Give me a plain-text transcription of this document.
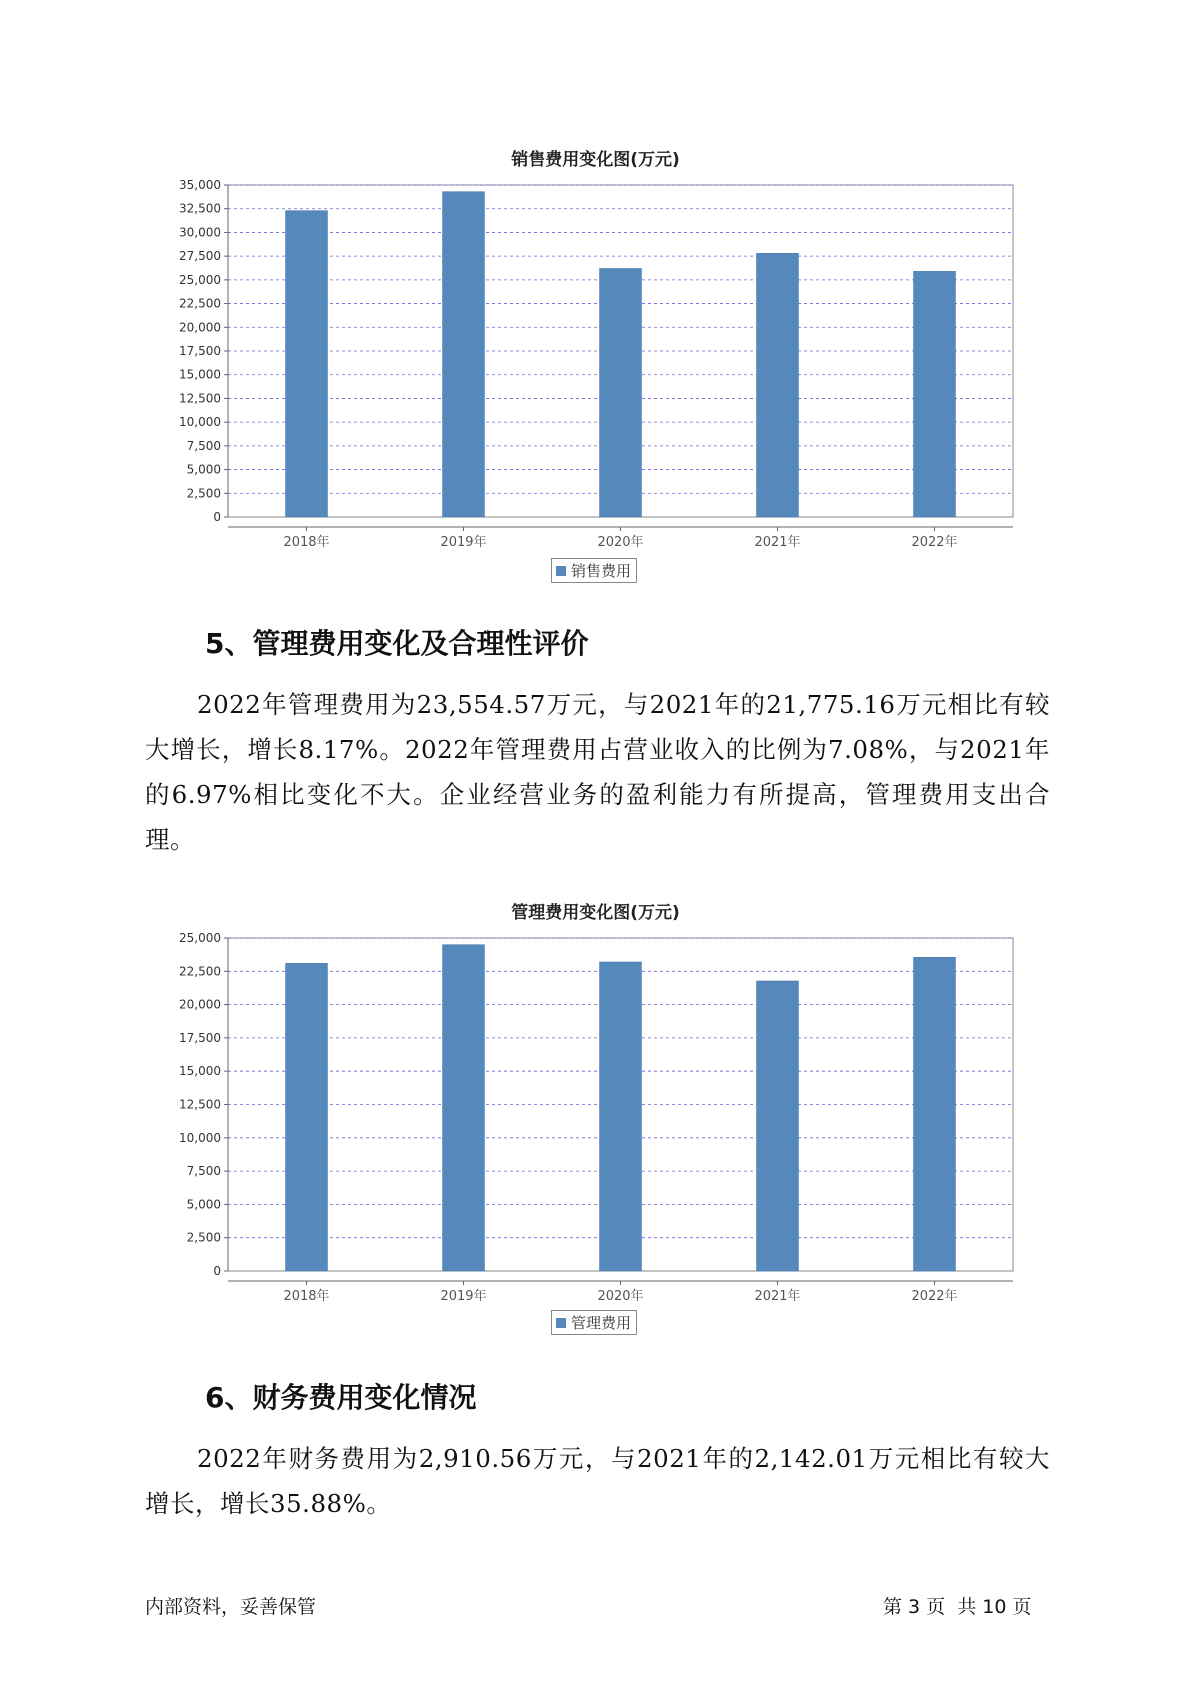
销售费用变化图(万元)
0
2,500
5,000
7,500
10,000
12,500
15,000
17,500
20,000
22,500
25,000
27,500
30,000
32,500
35,000
2018年	2019年	2020年	2021年	2022年
销售费用
5、管理费用变化及合理性评价

2022年管理费用为23,554.57万元，与2021年的21,775.16万元相比有较大增长，增长8.17%。2022年管理费用占营业收入的比例为7.08%，与2021年的6.97%相比变化不大。企业经营业务的盈利能力有所提高，管理费用支出合理。

管理费用变化图(万元)
0
2,500
5,000
7,500
10,000
12,500
15,000
17,500
20,000
22,500
25,000
2018年	2019年	2020年	2021年	2022年
管理费用
6、财务费用变化情况

2022年财务费用为2,910.56万元，与2021年的2,142.01万元相比有较大增长，增长35.88%。

内部资料，妥善保管	第 3 页  共 10 页
